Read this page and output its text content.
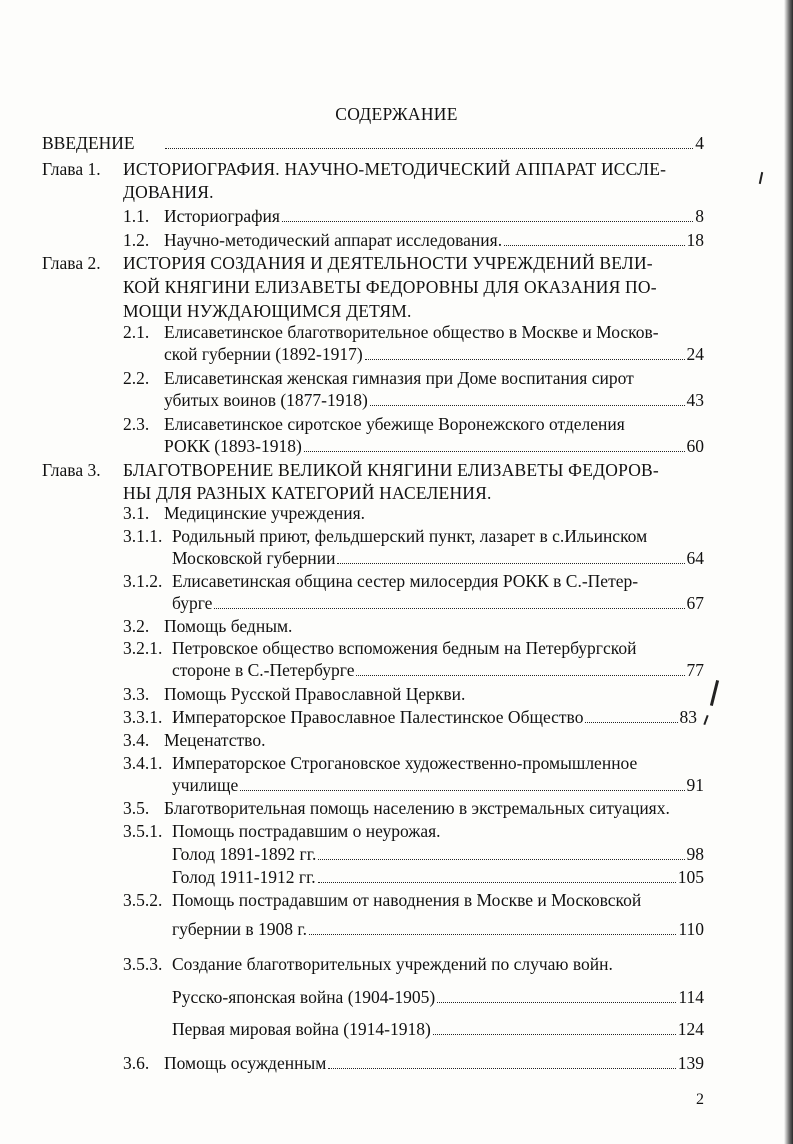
СОДЕРЖАНИЕ
ВВЕДЕНИЕ	4
Глава 1. ИСТОРИОГРАФИЯ. НАУЧНО-МЕТОДИЧЕСКИЙ АППАРАТ ИССЛЕ-
ДОВАНИЯ.
1.1. Историография	8
1.2. Научно-методический аппарат исследования.	18
Глава 2. ИСТОРИЯ СОЗДАНИЯ И ДЕЯТЕЛЬНОСТИ УЧРЕЖДЕНИЙ ВЕЛИ-
КОЙ КНЯГИНИ ЕЛИЗАВЕТЫ ФЕДОРОВНЫ ДЛЯ ОКАЗАНИЯ ПО-
МОЩИ НУЖДАЮЩИМСЯ ДЕТЯМ.
2.1. Елисаветинское благотворительное общество в Москве и Москов-
ской губернии (1892-1917)	24
2.2. Елисаветинская женская гимназия при Доме воспитания сирот
убитых воинов (1877-1918)	43
2.3. Елисаветинское сиротское убежище Воронежского отделения
РОКК (1893-1918)	60
Глава 3. БЛАГОТВОРЕНИЕ ВЕЛИКОЙ КНЯГИНИ ЕЛИЗАВЕТЫ ФЕДОРОВ-
НЫ ДЛЯ РАЗНЫХ КАТЕГОРИЙ НАСЕЛЕНИЯ.
3.1. Медицинские учреждения.
3.1.1. Родильный приют, фельдшерский пункт, лазарет в с.Ильинском
Московской губернии	64
3.1.2. Елисаветинская община сестер милосердия РОКК в С.-Петер-
бурге	67
3.2. Помощь бедным.
3.2.1. Петровское общество вспоможения бедным на Петербургской
стороне в С.-Петербурге	77
3.3. Помощь Русской Православной Церкви.
3.3.1. Императорское Православное Палестинское Общество	83
3.4. Меценатство.
3.4.1. Императорское Строгановское художественно-промышленное
училище	91
3.5. Благотворительная помощь населению в экстремальных ситуациях.
3.5.1. Помощь пострадавшим о неурожая.
Голод 1891-1892 гг.	98
Голод 1911-1912 гг.	105
3.5.2. Помощь пострадавшим от наводнения в Москве и Московской
губернии в 1908 г.	110
3.5.3. Создание благотворительных учреждений по случаю войн.
Русско-японская война (1904-1905)	114
Первая мировая война (1914-1918)	124
3.6. Помощь осужденным	139
2
